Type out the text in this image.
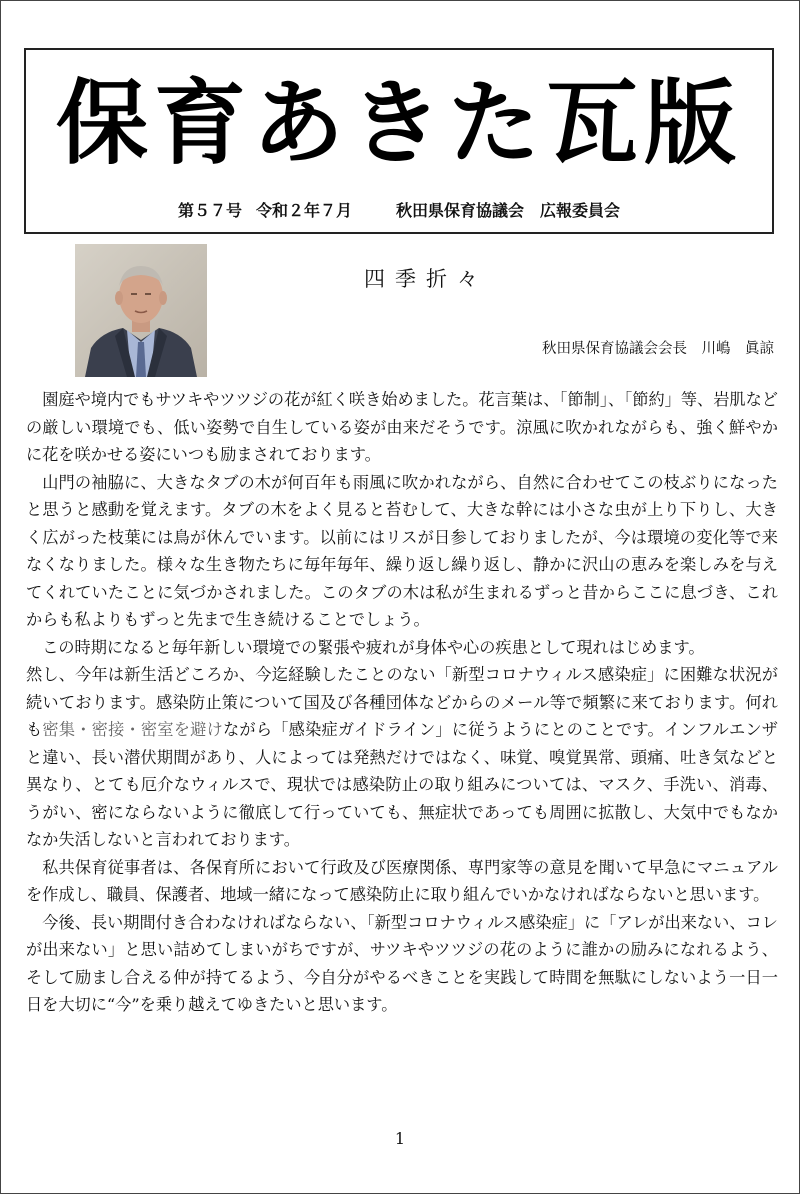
保育あきた瓦版
第５７号 令和２年７月	秋田県保育協議会 広報委員会
四季折々
秋田県保育協議会会長　川嶋　眞諒

園庭や境内でもサツキやツツジの花が紅く咲き始めました。花言葉は、「節制」、「節約」等、岩肌などの厳しい環境でも、低い姿勢で自生している姿が由来だそうです。涼風に吹かれながらも、強く鮮やかに花を咲かせる姿にいつも励まされております。

山門の袖脇に、大きなタブの木が何百年も雨風に吹かれながら、自然に合わせてこの枝ぶりになったと思うと感動を覚えます。タブの木をよく見ると苔むして、大きな幹には小さな虫が上り下りし、大きく広がった枝葉には鳥が休んでいます。以前にはリスが日参しておりましたが、今は環境の変化等で来なくなりました。様々な生き物たちに毎年毎年、繰り返し繰り返し、静かに沢山の恵みを楽しみを与えてくれていたことに気づかされました。このタブの木は私が生まれるずっと昔からここに息づき、これからも私よりもずっと先まで生き続けることでしょう。

この時期になると毎年新しい環境での緊張や疲れが身体や心の疾患として現れはじめます。

然し、今年は新生活どころか、今迄経験したことのない「新型コロナウィルス感染症」に困難な状況が続いております。感染防止策について国及び各種団体などからのメール等で頻繁に来ております。何れも密集・密接・密室を避けながら「感染症ガイドライン」に従うようにとのことです。インフルエンザと違い、長い潜伏期間があり、人によっては発熱だけではなく、味覚、嗅覚異常、頭痛、吐き気などと異なり、とても厄介なウィルスで、現状では感染防止の取り組みについては、マスク、手洗い、消毒、うがい、密にならないように徹底して行っていても、無症状であっても周囲に拡散し、大気中でもなかなか失活しないと言われております。

私共保育従事者は、各保育所において行政及び医療関係、専門家等の意見を聞いて早急にマニュアルを作成し、職員、保護者、地域一緒になって感染防止に取り組んでいかなければならないと思います。

今後、長い期間付き合わなければならない、「新型コロナウィルス感染症」に「アレが出来ない、コレが出来ない」と思い詰めてしまいがちですが、サツキやツツジの花のように誰かの励みになれるよう、そして励まし合える仲が持てるよう、今自分がやるべきことを実践して時間を無駄にしないよう一日一日を大切に“今”を乗り越えてゆきたいと思います。

1
